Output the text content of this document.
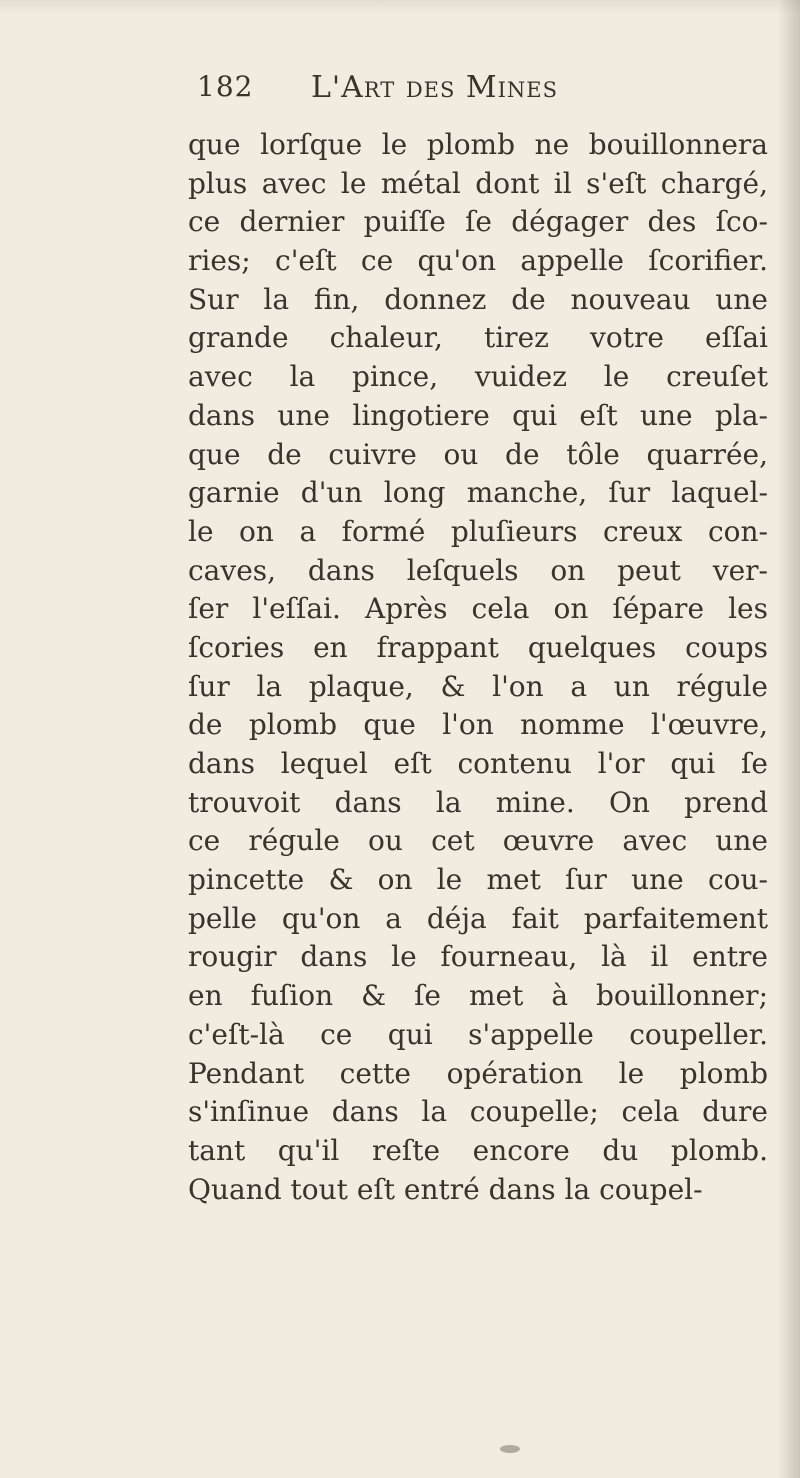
182 L'Art des Mines
que lorſque le plomb ne bouillonnera
plus avec le métal dont il s'eſt chargé,
ce dernier puiſſe ſe dégager des ſco-
ries; c'eſt ce qu'on appelle ſcorifier.
Sur la fin, donnez de nouveau une
grande chaleur, tirez votre eſſai
avec la pince, vuidez le creuſet
dans une lingotiere qui eſt une pla-
que de cuivre ou de tôle quarrée,
garnie d'un long manche, ſur laquel-
le on a formé pluſieurs creux con-
caves, dans leſquels on peut ver-
ſer l'eſſai. Après cela on ſépare les
ſcories en frappant quelques coups
ſur la plaque, & l'on a un régule
de plomb que l'on nomme l'œuvre,
dans lequel eſt contenu l'or qui ſe
trouvoit dans la mine. On prend
ce régule ou cet œuvre avec une
pincette & on le met ſur une cou-
pelle qu'on a déja fait parfaitement
rougir dans le fourneau, là il entre
en fuſion & ſe met à bouillonner;
c'eſt-là ce qui s'appelle coupeller.
Pendant cette opération le plomb
s'inſinue dans la coupelle; cela dure
tant qu'il reſte encore du plomb.
Quand tout eſt entré dans la coupel-
